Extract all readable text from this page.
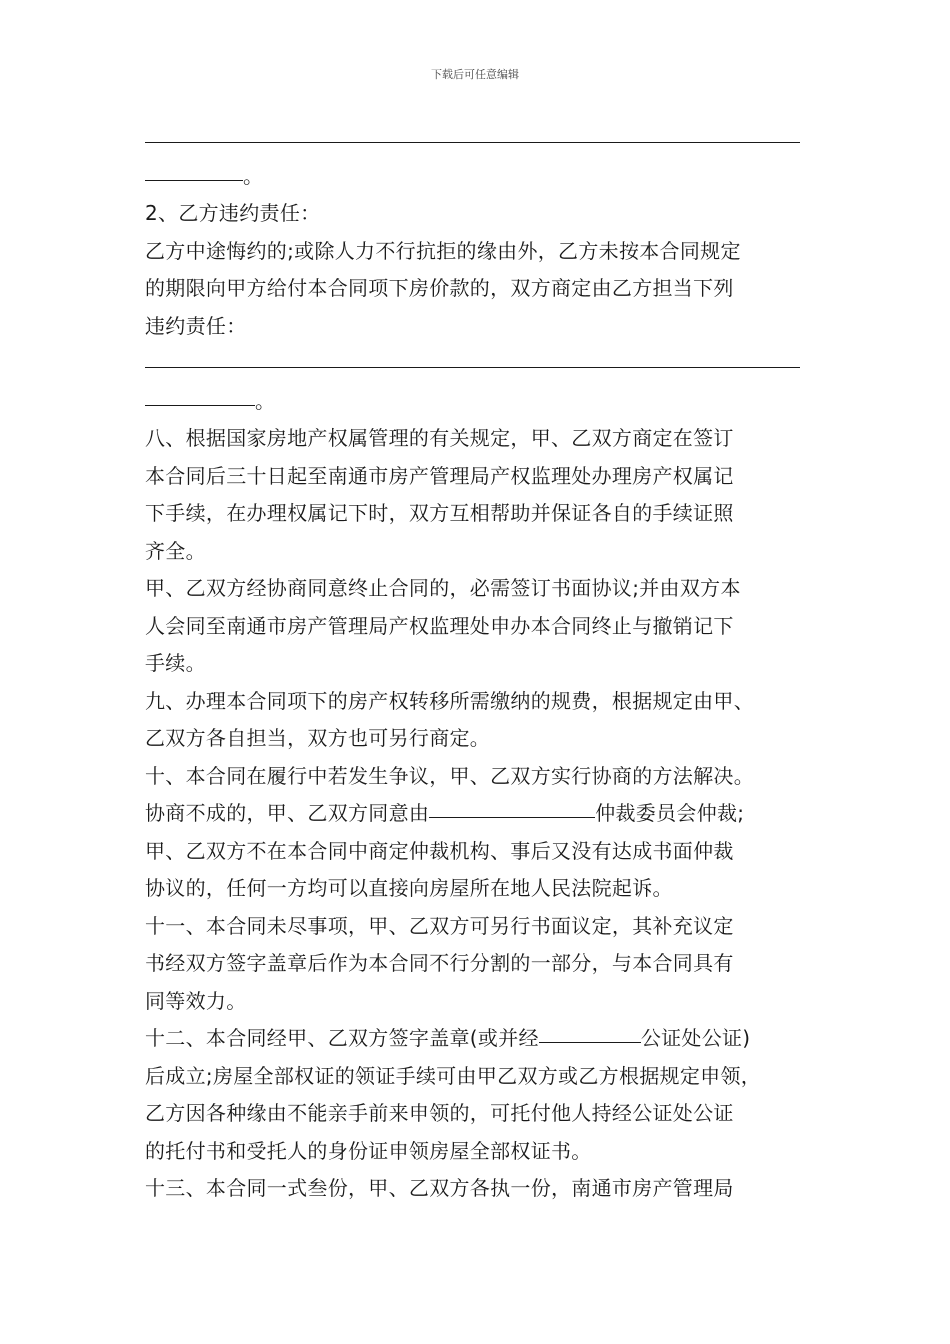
下载后可任意编辑
。
2、乙方违约责任：
乙方中途悔约的;或除人力不行抗拒的缘由外，乙方未按本合同规定
的期限向甲方给付本合同项下房价款的，双方商定由乙方担当下列
违约责任：
。
八、根据国家房地产权属管理的有关规定，甲、乙双方商定在签订
本合同后三十日起至南通市房产管理局产权监理处办理房产权属记
下手续，在办理权属记下时，双方互相帮助并保证各自的手续证照
齐全。
甲、乙双方经协商同意终止合同的，必需签订书面协议;并由双方本
人会同至南通市房产管理局产权监理处申办本合同终止与撤销记下
手续。
九、办理本合同项下的房产权转移所需缴纳的规费，根据规定由甲、
乙双方各自担当，双方也可另行商定。
十、本合同在履行中若发生争议，甲、乙双方实行协商的方法解决。
协商不成的，甲、乙双方同意由	仲裁委员会仲裁;
甲、乙双方不在本合同中商定仲裁机构、事后又没有达成书面仲裁
协议的，任何一方均可以直接向房屋所在地人民法院起诉。
十一、本合同未尽事项，甲、乙双方可另行书面议定，其补充议定
书经双方签字盖章后作为本合同不行分割的一部分，与本合同具有
同等效力。
十二、本合同经甲、乙双方签字盖章(或并经	公证处公证)
后成立;房屋全部权证的领证手续可由甲乙双方或乙方根据规定申领，
乙方因各种缘由不能亲手前来申领的，可托付他人持经公证处公证
的托付书和受托人的身份证申领房屋全部权证书。
十三、本合同一式叁份，甲、乙双方各执一份，南通市房产管理局
